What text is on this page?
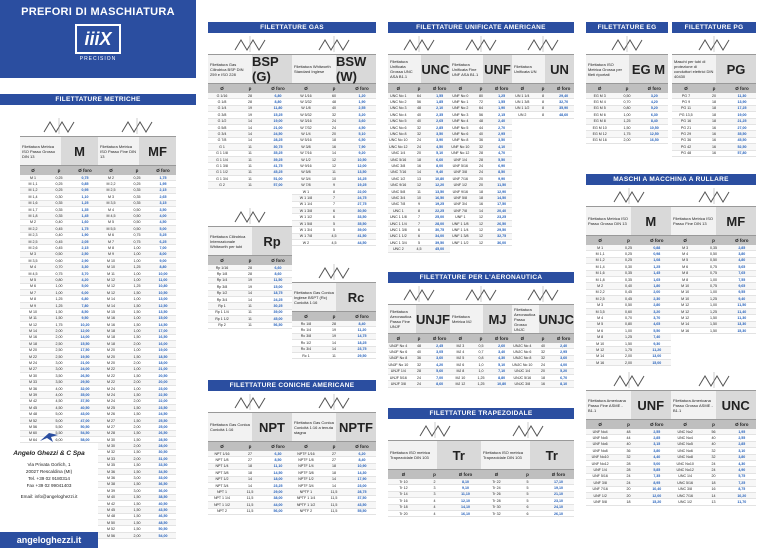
PREFORI DI MASCHIATURA
iiiX
PRECISION
FILETTATURE METRICHE
Filettatura Metrica ISO Passo Grosso DIN 13	M
Ø	p	Ø foro
M 1	0,25	0,75
M 1,1	0,25	0,85
M 1,2	0,25	0,95
M 1,4	0,30	1,10
M 1,6	0,35	1,25
M 1,7	0,35	1,35
M 1,8	0,35	1,45
M 2	0,40	1,60
M 2,2	0,45	1,75
M 2,3	0,40	1,90
M 2,5	0,45	2,05
M 2,6	0,45	2,15
M 3	0,50	2,50
M 3,5	0,60	2,90
M 4	0,70	3,30
M 4,5	0,75	3,70
M 5	0,80	4,20
M 6	1,00	5,00
M 7	1,00	6,00
M 8	1,25	6,80
M 9	1,25	7,80
M 10	1,50	8,50
M 11	1,50	9,50
M 12	1,75	10,20
M 14	2,00	12,00
M 16	2,00	14,00
M 18	2,50	15,50
M 20	2,50	17,50
M 22	2,50	19,50
M 24	3,00	21,00
M 27	3,00	24,00
M 30	3,50	26,50
M 33	3,50	29,50
M 36	4,00	32,00
M 39	4,00	35,00
M 42	4,50	37,50
M 45	4,50	40,50
M 48	5,00	43,00
M 52	5,00	47,00
M 56	5,50	50,50
M 60	5,50	54,50
M 64	6,00	58,00
Filettatura Metrica ISO Passo Fine DIN 13	MF
Ø	p	Ø foro
M 2	0,25	1,75
M 2,2	0,25	1,95
M 2,5	0,35	2,15
M 3	0,35	2,65
M 3,5	0,35	3,15
M 4	0,50	3,50
M 4,5	0,50	4,00
M 5	0,50	4,50
M 5,5	0,50	5,00
M 6	0,75	5,25
M 7	0,75	6,25
M 8	1,00	7,00
M 9	1,00	8,00
M 10	1,00	9,00
M 10	1,25	8,80
M 11	1,00	10,00
M 12	1,00	11,00
M 12	1,25	10,80
M 12	1,50	10,50
M 14	1,00	13,00
M 14	1,50	12,50
M 15	1,50	13,50
M 16	1,00	15,00
M 16	1,50	14,50
M 18	1,00	17,00
M 18	1,50	16,50
M 18	2,00	16,00
M 20	1,00	19,00
M 20	1,50	18,50
M 20	2,00	18,00
M 22	1,00	21,00
M 22	1,50	20,50
M 22	2,00	20,00
M 24	1,00	23,00
M 24	1,50	22,50
M 24	2,00	22,00
M 25	1,50	23,50
M 26	1,50	24,50
M 27	1,50	25,50
M 27	2,00	25,00
M 28	1,50	26,50
M 30	1,50	28,50
M 30	2,00	28,00
M 32	1,50	30,50
M 33	2,00	31,00
M 35	1,50	33,50
M 36	1,50	34,50
M 36	3,00	33,00
M 38	1,50	36,50
M 39	3,00	36,00
M 40	1,50	38,50
M 42	1,50	40,50
M 45	1,50	43,50
M 48	1,50	46,50
M 50	1,50	48,50
M 52	1,50	50,50
M 56	2,00	54,00
Angelo Ghezzi & C Spa
Via Privata Gorlich, 1
20027 Rescaldina (MI)
Tel. +39 02 9180314
Fax +39 02 99041403
Email: info@angeloghezzi.it
angeloghezzi.it
FILETTATURE GAS
Filettatura Gas Cilindrica BSP DIN 259 e ISO 228
BSP (G)
Ø	p	Ø foro
G 1/16	28	6,80
G 1/8	28	8,80
G 1/4	19	11,80
G 3/8	19	15,25
G 1/2	14	19,00
G 5/8	14	21,00
G 3/4	14	24,50
G 7/8	14	28,25
G 1	11	30,75
G 1 1/8	11	35,25
G 1 1/4	11	39,25
G 1 3/8	11	41,75
G 1 1/2	11	45,25
G 1 3/4	11	51,00
G 2	11	57,00
Filettatura Whitworth Standard Inglese
BSW (W)
Ø	p	Ø foro
W 1/16	60	1,20
W 3/32	48	1,90
W 1/8	40	2,55
W 5/32	32	3,20
W 3/16	24	3,60
W 7/32	24	4,50
W 1/4	20	5,10
W 5/16	18	6,50
W 3/8	16	7,90
W 7/16	14	9,20
W 1/2	12	10,50
W 9/16	12	12,00
W 5/8	11	13,50
W 3/4	10	16,25
W 7/8	9	19,25
W 1	8	22,00
W 1 1/8	7	24,75
W 1 1/4	7	27,75
W 1 3/8	6	30,50
W 1 1/2	6	33,50
W 1 5/8	5	35,50
W 1 3/4	5	39,00
W 1 7/8	4,5	41,50
W 2	4,5	44,50
Filettatura Cilindrica Internazionale Whitworth per tubi	Rp
Ø	p	Ø foro
Rp 1/16	28	6,60
Rp 1/8	28	8,60
Rp 1/4	19	11,50
Rp 3/8	19	15,00
Rp 1/2	14	18,75
Rp 3/4	14	24,25
Rp 1	11	30,25
Rp 1 1/4	11	39,00
Rp 1 1/2	11	45,00
Rp 2	11	56,50
Filettatura Gas Conica Inglese BSPT (Rc) Conicità 1:16	Rc
Ø	p	Ø foro
Rc 1/8	28	8,40
Rc 1/4	19	11,20
Rc 3/8	19	14,75
Rc 1/2	14	18,25
Rc 3/4	14	23,75
Rc 1	11	29,50
FILETTATURE CONICHE AMERICANE
Filettatura Gas Conica Conicità 1:16	NPT
Ø	p	Ø foro
NPT 1/16	27	6,30
NPT 1/8	27	8,50
NPT 1/4	18	11,10
NPT 3/8	18	14,50
NPT 1/2	14	18,00
NPT 3/4	14	23,25
NPT 1	11,5	29,00
NPT 1 1/4	11,5	38,00
NPT 1 1/2	11,5	44,00
NPT 2	11,5	56,00
Filettatura Gas Conica Conicità 1:16 a tenuta stagna	NPTF
Ø	p	Ø foro
NPTF 1/16	27	6,20
NPTF 1/8	27	8,40
NPTF 1/4	18	10,90
NPTF 3/8	18	14,30
NPTF 1/2	14	17,90
NPTF 3/4	14	23,00
NPTF 1	11,5	28,75
NPTF 1 1/4	11,5	37,50
NPTF 1 1/2	11,5	43,50
NPTF 2	11,5	55,50
FILETTATURE UNIFICATE AMERICANE
Filettatura Unificata Grossa UNC ASA B1.1	UNC
Ø	p	Ø foro
UNC No 1	64	1,55
UNC No 2	56	1,85
UNC No 3	48	2,10
UNC No 4	40	2,35
UNC No 5	40	2,65
UNC No 6	32	2,85
UNC No 8	32	3,50
UNC No 10	24	3,90
UNC No 12	24	4,50
UNC 1/4	20	5,10
UNC 5/16	18	6,60
UNC 3/8	16	8,00
UNC 7/16	14	9,40
UNC 1/2	13	10,80
UNC 9/16	12	12,20
UNC 5/8	11	13,50
UNC 3/4	10	16,50
UNC 7/8	9	19,25
UNC 1	8	22,25
UNC 1 1/8	7	25,00
UNC 1 1/4	7	28,00
UNC 1 3/8	6	30,75
UNC 1 1/2	6	34,00
UNC 1 3/4	5	39,50
UNC 2	4,5	45,00
Filettatura Unificata Fine UNF ASA B1.1 UNF
Ø	p	Ø foro
UNF No 0	80	1,25
UNF No 1	72	1,55
UNF No 2	64	1,90
UNF No 3	56	2,15
UNF No 4	48	2,40
UNF No 5	44	2,70
UNF No 6	40	2,95
UNF No 8	36	3,50
UNF No 10	32	4,10
UNF No 12	28	4,70
UNF 1/4	28	5,50
UNF 5/16	24	6,90
UNF 3/8	24	8,50
UNF 7/16	20	9,90
UNF 1/2	20	11,50
UNF 9/16	18	12,90
UNF 5/8	18	14,50
UNF 3/4	16	17,50
UNF 7/8	14	20,40
UNF 1	12	23,25
UNF 1 1/8	12	26,50
UNF 1 1/4	12	29,50
UNF 1 3/8	12	32,75
UNF 1 1/2	12	36,00
Filettatura Unificata UN	UN
Ø	p	Ø foro
UN 1 1/4	8	29,40
UN 1 3/8	8	32,70
UN 1 1/2	8	35,90
UN 2	8	48,60
FILETTATURE EG
Filettatura ISO Metrica Grossa per fileti riportati	EG M
Ø	p	Ø foro
EG M 3	0,50	3,20
EG M 4	0,70	4,20
EG M 5	0,80	5,20
EG M 6	1,00	6,30
EG M 8	1,25	8,40
EG M 10	1,50	10,50
EG M 12	1,75	12,50
EG M 16	2,00	16,50
FILETTATURE PG
Maschi per tubi di protezione di conduttori elettrici DIN 40430	PG
Ø	p	Ø foro
PG 7	20	11,30
PG 9	18	13,90
PG 11	18	17,25
PG 13,5	18	19,00
PG 16	18	21,25
PG 21	16	27,00
PG 29	16	35,50
PG 36	16	45,50
PG 42	16	52,50
PG 48	16	57,80
FILETTATURE PER L'AERONAUTICA
Filettatura Aeronautica Passo Fine UNJF	UNJF
Ø	p	Ø foro
UNJF No 4	48	2,45
UNJF No 6	40	3,05
UNJF No 8	36	3,60
UNJF No 10	32	4,20
UNJF 1/4	28	5,60
UNJF 5/16	24	7,00
UNJF 3/8	24	8,60
Filettatura Metrica MJ	MJ
Ø	p	Ø foro
MJ 3	0,5	2,60
MJ 4	0,7	3,40
MJ 5	0,8	4,30
MJ 6	1,0	5,10
MJ 8	1,0	7,10
MJ 10	1,25	8,80
MJ 12	1,25	10,80
Filettatura Aeronautica Passo Grosso UNJC
UNJC
Ø	p	Ø foro
UNJC No 4	40	2,40
UNJC No 6	32	2,95
UNJC No 8	32	3,60
UNJC No 10	24	4,00
UNJC 1/4	20	5,20
UNJC 5/16	18	6,70
UNJC 3/8	16	8,10
FILETTATURE TRAPEZOIDALE
Filettatura ISO metrica Trapezoidale DIN 103	Tr
Ø	p	Ø foro
Tr 10	2	8,10
Tr 12	3	9,10
Tr 14	3	11,10
Tr 16	4	12,10
Tr 18	4	14,10
Tr 20	4	16,10
Filettatura ISO metrica Trapezoidale DIN 103	Tr
Ø	p	Ø foro
Tr 22	5	17,10
Tr 24	5	19,10
Tr 26	5	21,10
Tr 28	5	23,10
Tr 30	6	24,10
Tr 32	6	26,10
MASCHI A MACCHINA A RULLARE
Filettatura Metrica ISO Passo Grosso DIN 13	M
Ø	p	Ø foro
M 1	0,25	0,88
M 1,1	0,25	0,98
M 1,2	0,25	1,08
M 1,4	0,30	1,25
M 1,6	0,35	1,45
M 1,8	0,35	1,65
M 2	0,40	1,80
M 2,2	0,45	2,00
M 2,5	0,45	2,30
M 3	0,50	2,80
M 3,5	0,60	3,20
M 4	0,70	3,70
M 5	0,80	4,65
M 6	1,00	5,50
M 8	1,25	7,40
M 10	1,50	9,30
M 12	1,75	11,20
M 14	2,00	13,00
M 16	2,00	15,00
Filettatura Metrica ISO Passo Fine DIN 13	MF
Ø	p	Ø foro
M 3	0,35	2,85
M 4	0,50	3,80
M 5	0,50	4,80
M 6	0,75	5,65
M 8	0,75	7,65
M 8	1,00	7,55
M 10	0,75	9,65
M 10	1,00	9,55
M 10	1,25	9,40
M 12	1,00	11,50
M 12	1,25	11,40
M 12	1,50	11,30
M 14	1,50	13,30
M 16	1,50	15,30
Filettatura Americana Passo Fine ASME - B1.1	UNF
Ø	p	Ø foro
UNF No4	48	2,55
UNF No5	44	2,85
UNF No6	40	3,15
UNF No8	36	3,80
UNF No10	32	4,40
UNF No12	28	5,00
UNF 1/4	28	5,85
UNF 5/16	24	7,35
UNF 3/8	24	8,95
UNF 7/16	20	10,40
UNF 1/2	20	12,00
UNF 5/8	18	15,20
Filettatura Americana Passo Grosso ASME - B1.1	UNC
Ø	p	Ø foro
UNC No2	56	1,95
UNC No4	40	2,55
UNC No5	40	2,85
UNC No6	32	3,10
UNC No8	32	3,80
UNC No10	24	4,30
UNC No12	24	4,90
UNC 1/4	20	5,75
UNC 5/16	18	7,25
UNC 3/8	16	8,75
UNC 7/16	14	10,20
UNC 1/2	13	11,70
